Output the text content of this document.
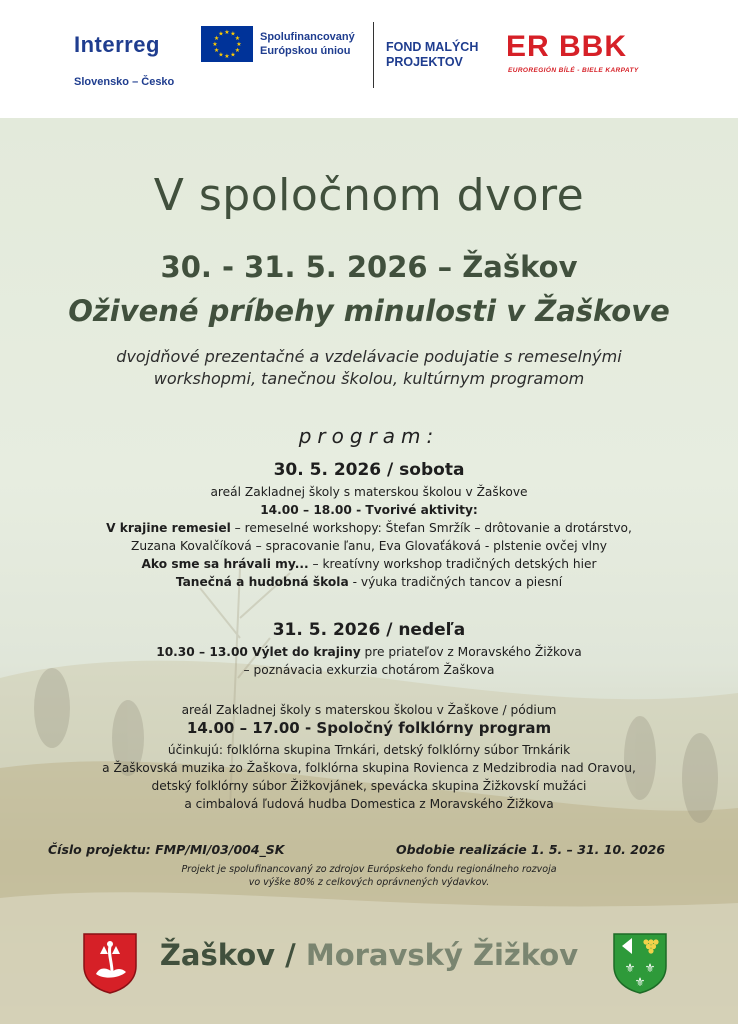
Interreg
Slovensko – Česko
★ ★
★
★
★
★
★
★
★
★
★
★	Spolufinancovaný
Európskou úniou	FOND MALÝCH
PROJEKTOV	ER BBK
EUROREGIÓN BÍLÉ - BIELE KARPATY
V spoločnom dvore
30. - 31. 5. 2026 – Žaškov
Oživené príbehy minulosti v Žaškove
dvojdňové prezentačné a vzdelávacie podujatie s remeselnými
workshopmi, tanečnou školou, kultúrnym programom
program:
30. 5. 2026 / sobota
areál Zakladnej školy s materskou školou v Žaškove
14.00 – 18.00 - Tvorivé aktivity:
V krajine remesiel – remeselné workshopy: Štefan Smržík – drôtovanie a drotárstvo,
Zuzana Kovalčíková – spracovanie ľanu, Eva Glovaťáková - plstenie ovčej vlny
Ako sme sa hrávali my... – kreatívny workshop tradičných detských hier
Tanečná a hudobná škola - výuka tradičných tancov a piesní
31. 5. 2026 / nedeľa
10.30 – 13.00 Výlet do krajiny pre priateľov z Moravského Žižkova
– poznávacia exkurzia chotárom Žaškova
areál Zakladnej školy s materskou školou v Žaškove / pódium
14.00 – 17.00 - Spoločný folklórny program
účinkujú: folklórna skupina Trnkári, detský folklórny súbor Trnkárik
a Žaškovská muzika zo Žaškova, folklórna skupina Rovienca z Medzibrodia nad Oravou,
detský folklórny súbor Žižkovjánek, spevácka skupina Žižkovskí mužáci
a cimbalová ľudová hudba Domestica z Moravského Žižkova
Číslo projektu: FMP/MI/03/004_SK	Obdobie realizácie 1. 5. – 31. 10. 2026
Projekt je spolufinancovaný zo zdrojov Európskeho fondu regionálneho rozvoja
vo výške 80% z celkových oprávnených výdavkov.
Žaškov / Moravský Žižkov	⚜ ⚜
⚜
